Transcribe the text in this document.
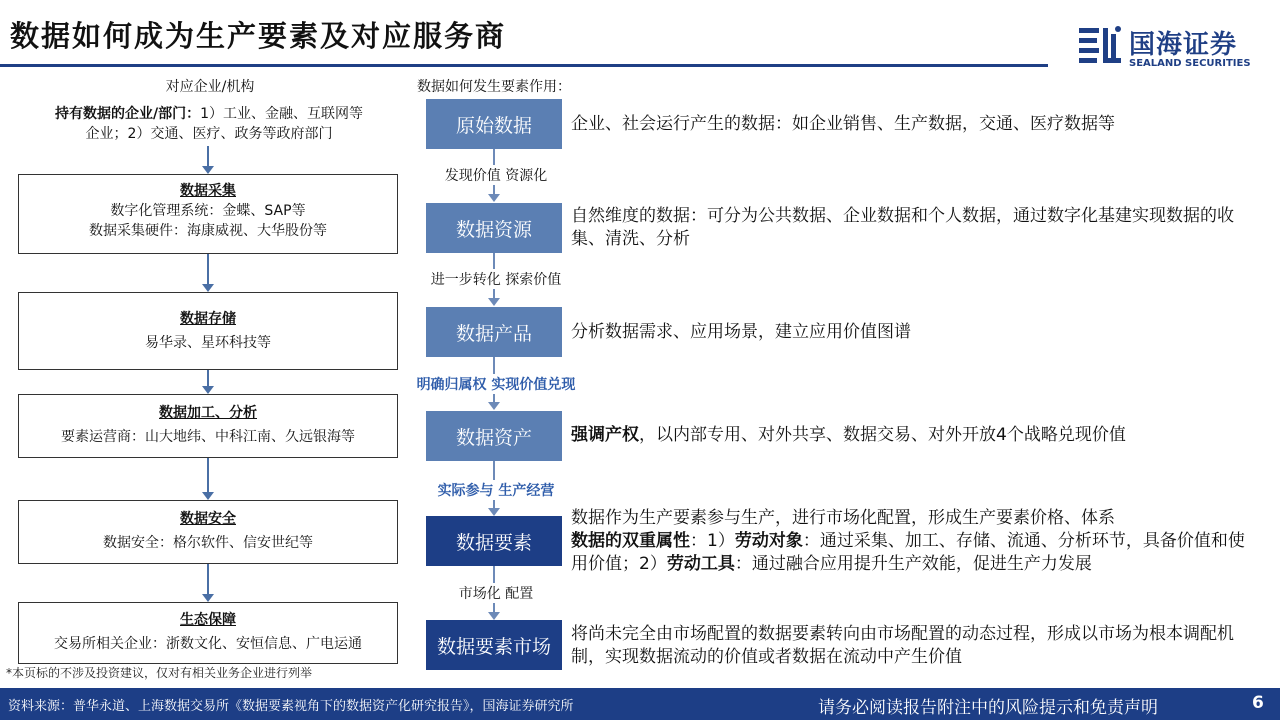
数据如何成为生产要素及对应服务商	国海证券
SEALAND SECURITIES
对应企业/机构
持有数据的企业/部门：1）工业、金融、互联网等
企业；2）交通、医疗、政务等政府部门
数据采集
数字化管理系统：金蝶、SAP等
数据采集硬件：海康威视、大华股份等
数据存储
易华录、星环科技等
数据加工、分析
要素运营商：山大地纬、中科江南、久远银海等
数据安全
数据安全：格尔软件、信安世纪等
生态保障
交易所相关企业：浙数文化、安恒信息、广电运通
*本页标的不涉及投资建议，仅对有相关业务企业进行列举
数据如何发生要素作用：
发现价值 资源化
进一步转化 探索价值
明确归属权 实现价值兑现
实际参与 生产经营
市场化 配置
原始数据
数据资源
数据产品
数据资产
数据要素
数据要素市场
企业、社会运行产生的数据：如企业销售、生产数据，交通、医疗数据等
自然维度的数据：可分为公共数据、企业数据和个人数据，通过数字化基建实现数据的收集、清洗、分析
分析数据需求、应用场景，建立应用价值图谱
强调产权，以内部专用、对外共享、数据交易、对外开放4个战略兑现价值
数据作为生产要素参与生产，进行市场化配置，形成生产要素价格、体系
数据的双重属性：1）劳动对象：通过采集、加工、存储、流通、分析环节，具备价值和使用价值；2）劳动工具：通过融合应用提升生产效能，促进生产力发展
将尚未完全由市场配置的数据要素转向由市场配置的动态过程，形成以市场为根本调配机制，实现数据流动的价值或者数据在流动中产生价值
资料来源：普华永道、上海数据交易所《数据要素视角下的数据资产化研究报告》，国海证券研究所	请务必阅读报告附注中的风险提示和免责声明	6
